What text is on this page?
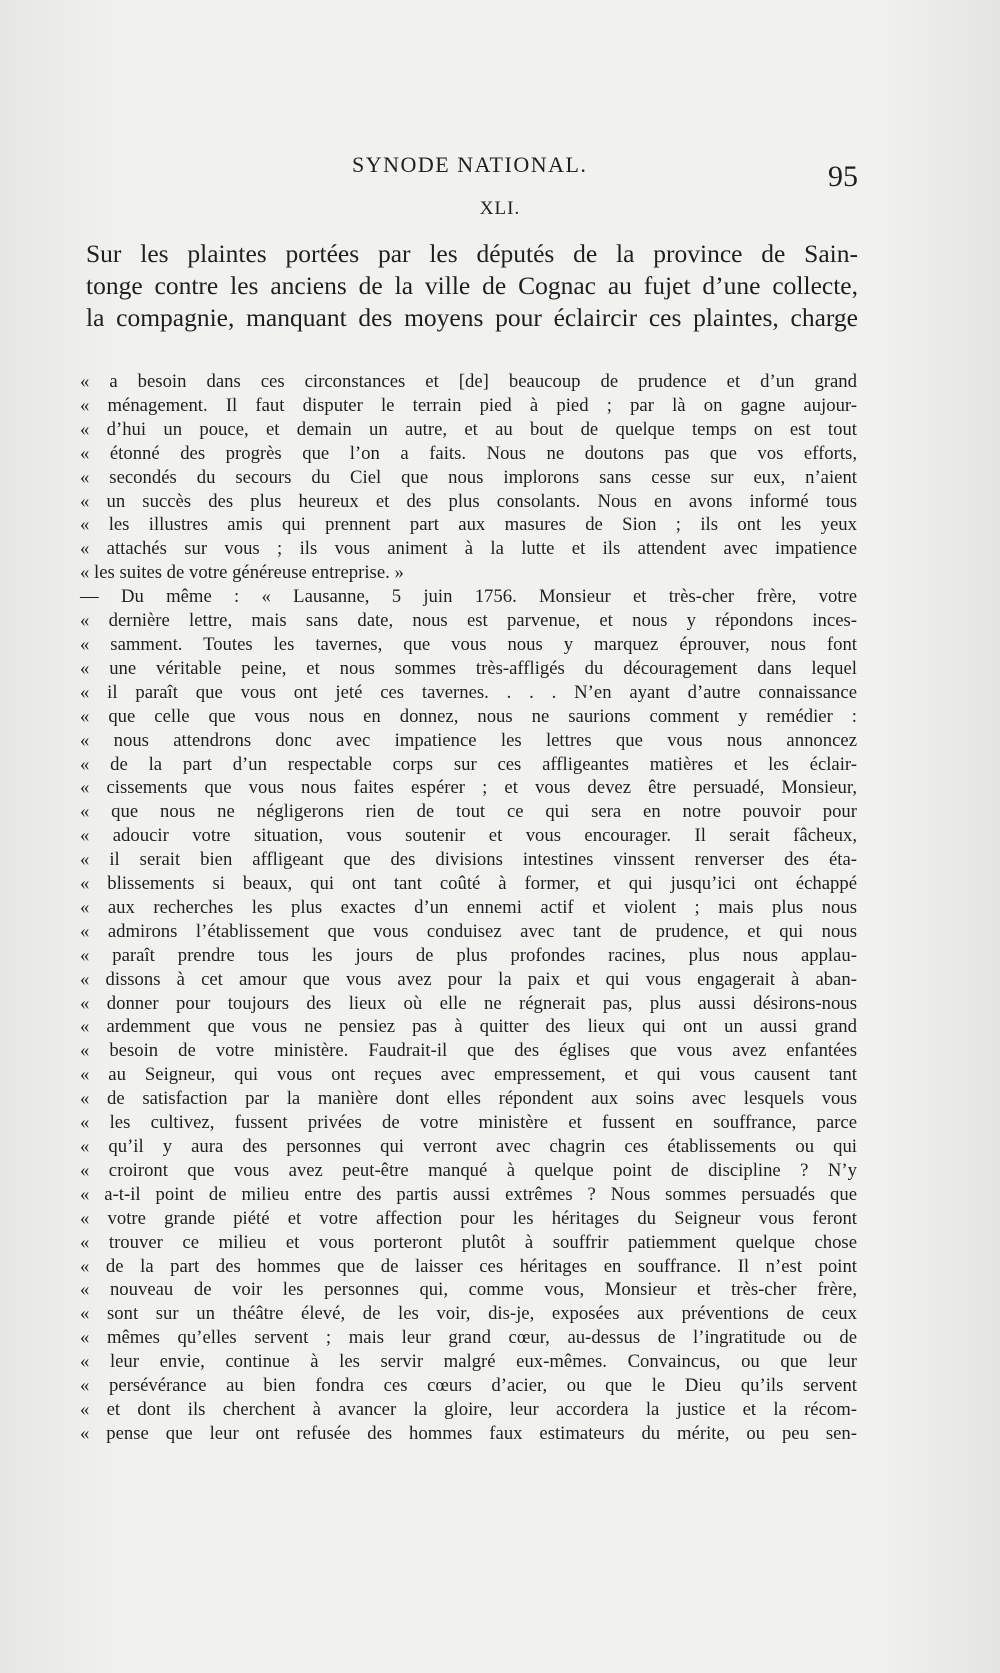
SYNODE NATIONAL.	95
XLI.
Sur les plaintes portées par les députés de la province de Sain-
tonge contre les anciens de la ville de Cognac au fujet d’une collecte,
la compagnie, manquant des moyens pour éclaircir ces plaintes, charge
« a besoin dans ces circonstances et [de] beaucoup de prudence et d’un grand
« ménagement. Il faut disputer le terrain pied à pied ; par là on gagne aujour-
« d’hui un pouce, et demain un autre, et au bout de quelque temps on est tout
« étonné des progrès que l’on a faits. Nous ne doutons pas que vos efforts,
« secondés du secours du Ciel que nous implorons sans cesse sur eux, n’aient
« un succès des plus heureux et des plus consolants. Nous en avons informé tous
« les illustres amis qui prennent part aux masures de Sion ; ils ont les yeux
« attachés sur vous ; ils vous animent à la lutte et ils attendent avec impatience
« les suites de votre généreuse entreprise. »
— Du même : « Lausanne, 5 juin 1756. Monsieur et très-cher frère, votre
« dernière lettre, mais sans date, nous est parvenue, et nous y répondons inces-
« samment. Toutes les tavernes, que vous nous y marquez éprouver, nous font
« une véritable peine, et nous sommes très-affligés du découragement dans lequel
« il paraît que vous ont jeté ces tavernes. . . . N’en ayant d’autre connaissance
« que celle que vous nous en donnez, nous ne saurions comment y remédier :
« nous attendrons donc avec impatience les lettres que vous nous annoncez
« de la part d’un respectable corps sur ces affligeantes matières et les éclair-
« cissements que vous nous faites espérer ; et vous devez être persuadé, Monsieur,
« que nous ne négligerons rien de tout ce qui sera en notre pouvoir pour
« adoucir votre situation, vous soutenir et vous encourager. Il serait fâcheux,
« il serait bien affligeant que des divisions intestines vinssent renverser des éta-
« blissements si beaux, qui ont tant coûté à former, et qui jusqu’ici ont échappé
« aux recherches les plus exactes d’un ennemi actif et violent ; mais plus nous
« admirons l’établissement que vous conduisez avec tant de prudence, et qui nous
« paraît prendre tous les jours de plus profondes racines, plus nous applau-
« dissons à cet amour que vous avez pour la paix et qui vous engagerait à aban-
« donner pour toujours des lieux où elle ne régnerait pas, plus aussi désirons-nous
« ardemment que vous ne pensiez pas à quitter des lieux qui ont un aussi grand
« besoin de votre ministère. Faudrait-il que des églises que vous avez enfantées
« au Seigneur, qui vous ont reçues avec empressement, et qui vous causent tant
« de satisfaction par la manière dont elles répondent aux soins avec lesquels vous
« les cultivez, fussent privées de votre ministère et fussent en souffrance, parce
« qu’il y aura des personnes qui verront avec chagrin ces établissements ou qui
« croiront que vous avez peut-être manqué à quelque point de discipline ? N’y
« a-t-il point de milieu entre des partis aussi extrêmes ? Nous sommes persuadés que
« votre grande piété et votre affection pour les héritages du Seigneur vous feront
« trouver ce milieu et vous porteront plutôt à souffrir patiemment quelque chose
« de la part des hommes que de laisser ces héritages en souffrance. Il n’est point
« nouveau de voir les personnes qui, comme vous, Monsieur et très-cher frère,
« sont sur un théâtre élevé, de les voir, dis-je, exposées aux préventions de ceux
« mêmes qu’elles servent ; mais leur grand cœur, au-dessus de l’ingratitude ou de
« leur envie, continue à les servir malgré eux-mêmes. Convaincus, ou que leur
« persévérance au bien fondra ces cœurs d’acier, ou que le Dieu qu’ils servent
« et dont ils cherchent à avancer la gloire, leur accordera la justice et la récom-
« pense que leur ont refusée des hommes faux estimateurs du mérite, ou peu sen-
